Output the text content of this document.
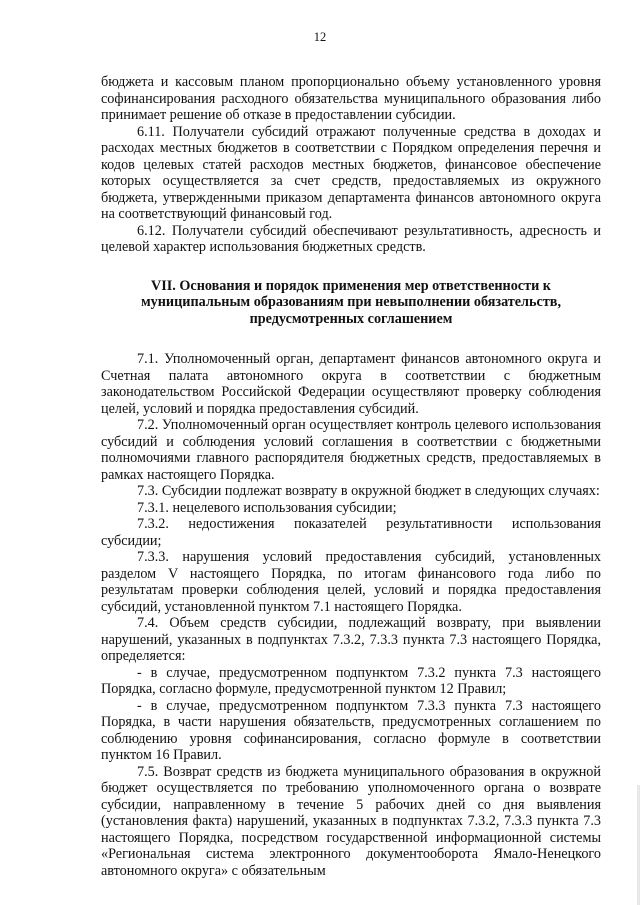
12

бюджета и кассовым планом пропорционально объему установленного уровня софинансирования расходного обязательства муниципального образования либо принимает решение об отказе в предоставлении субсидии.

6.11. Получатели субсидий отражают полученные средства в доходах и расходах местных бюджетов в соответствии с Порядком определения перечня и кодов целевых статей расходов местных бюджетов, финансовое обеспечение которых осуществляется за счет средств, предоставляемых из окружного бюджета, утвержденными приказом департамента финансов автономного округа на соответствующий финансовый год.

6.12. Получатели субсидий обеспечивают результативность, адресность и целевой характер использования бюджетных средств.

VII. Основания и порядок применения мер ответственности к
муниципальным образованиям при невыполнении обязательств,
предусмотренных соглашением

7.1. Уполномоченный орган, департамент финансов автономного округа и Счетная палата автономного округа в соответствии с бюджетным законодательством Российской Федерации осуществляют проверку соблюдения целей, условий и порядка предоставления субсидий.

7.2. Уполномоченный орган осуществляет контроль целевого использования субсидий и соблюдения условий соглашения в соответствии с бюджетными полномочиями главного распорядителя бюджетных средств, предоставляемых в рамках настоящего Порядка.

7.3. Субсидии подлежат возврату в окружной бюджет в следующих случаях:

7.3.1. нецелевого использования субсидии;

7.3.2. недостижения показателей результативности использования субсидии;

7.3.3. нарушения условий предоставления субсидий, установленных разделом V настоящего Порядка, по итогам финансового года либо по результатам проверки соблюдения целей, условий и порядка предоставления субсидий, установленной пунктом 7.1 настоящего Порядка.

7.4. Объем средств субсидии, подлежащий возврату, при выявлении нарушений, указанных в подпунктах 7.3.2, 7.3.3 пункта 7.3 настоящего Порядка, определяется:

- в случае, предусмотренном подпунктом 7.3.2 пункта 7.3 настоящего Порядка, согласно формуле, предусмотренной пунктом 12 Правил;

- в случае, предусмотренном подпунктом 7.3.3 пункта 7.3 настоящего Порядка, в части нарушения обязательств, предусмотренных соглашением по соблюдению уровня софинансирования, согласно формуле в соответствии пунктом 16 Правил.

7.5. Возврат средств из бюджета муниципального образования в окружной бюджет осуществляется по требованию уполномоченного органа о возврате субсидии, направленному в течение 5 рабочих дней со дня выявления (установления факта) нарушений, указанных в подпунктах 7.3.2, 7.3.3 пункта 7.3 настоящего Порядка, посредством государственной информационной системы «Региональная система электронного документооборота Ямало-Ненецкого автономного округа» с обязательным
